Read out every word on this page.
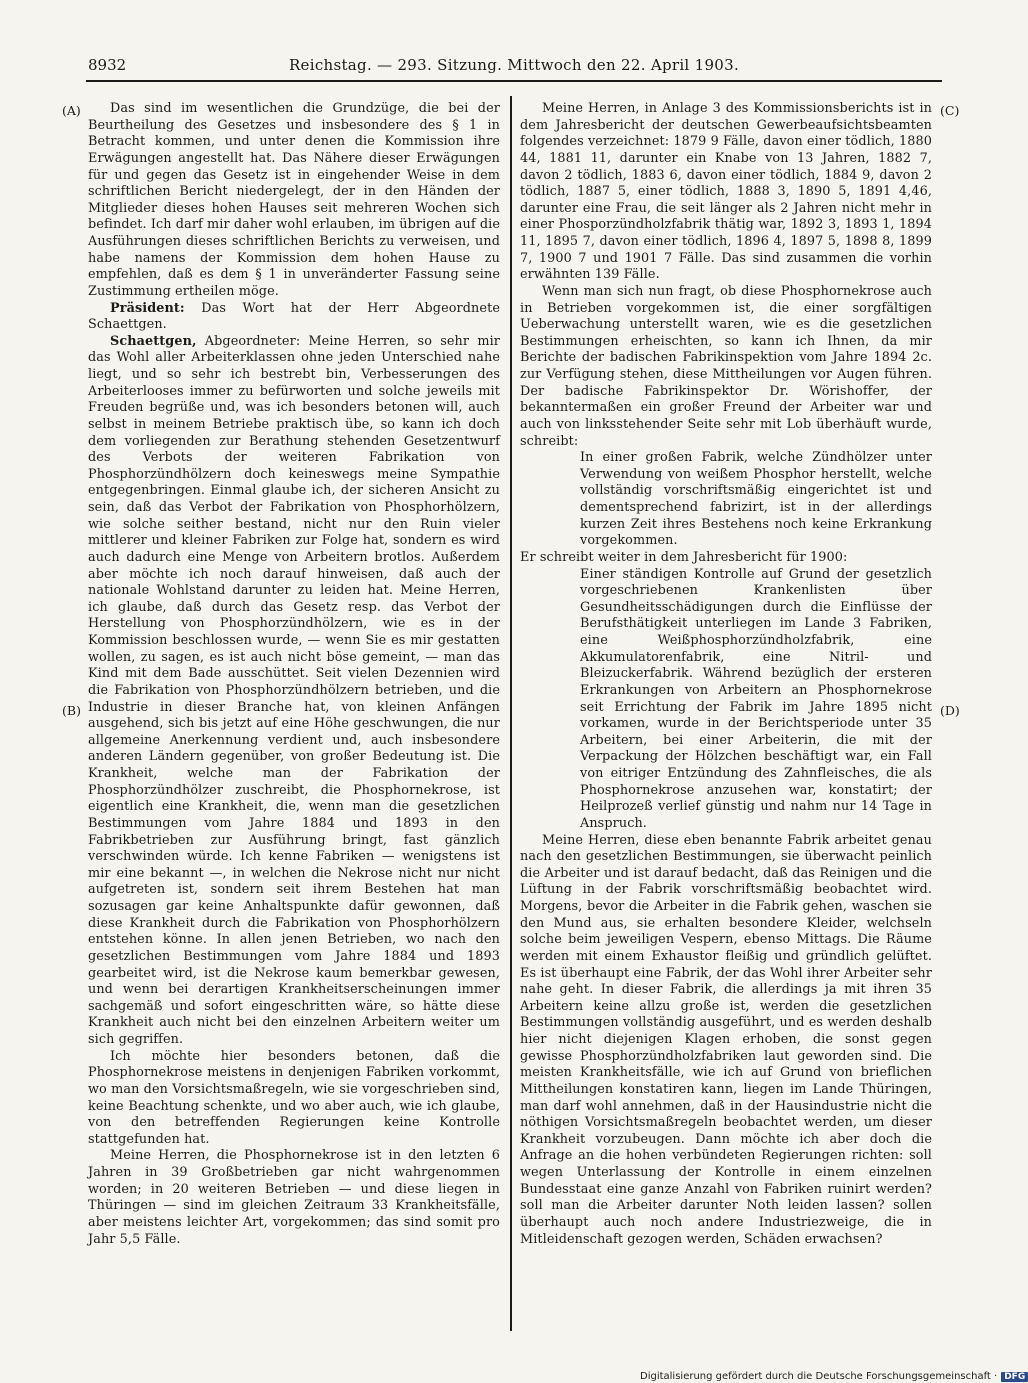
8932	Reichstag. — 293. Sitzung. Mittwoch den 22. April 1903.
(A)
(B)
(C)
(D)

Das sind im wesentlichen die Grundzüge, die bei der Beurtheilung des Gesetzes und insbesondere des § 1 in Betracht kommen, und unter denen die Kommission ihre Erwägungen angestellt hat. Das Nähere dieser Erwägungen für und gegen das Gesetz ist in eingehender Weise in dem schriftlichen Bericht niedergelegt, der in den Händen der Mitglieder dieses hohen Hauses seit mehreren Wochen sich befindet. Ich darf mir daher wohl erlauben, im übrigen auf die Ausführungen dieses schriftlichen Berichts zu verweisen, und habe namens der Kommission dem hohen Hause zu empfehlen, daß es dem § 1 in unveränderter Fassung seine Zustimmung ertheilen möge.

Präsident: Das Wort hat der Herr Abgeordnete Schaettgen.

Schaettgen, Abgeordneter: Meine Herren, so sehr mir das Wohl aller Arbeiterklassen ohne jeden Unterschied nahe liegt, und so sehr ich bestrebt bin, Verbesserungen des Arbeiterlooses immer zu befürworten und solche jeweils mit Freuden begrüße und, was ich besonders betonen will, auch selbst in meinem Betriebe praktisch übe, so kann ich doch dem vorliegenden zur Berathung stehenden Gesetzentwurf des Verbots der weiteren Fabrikation von Phosphorzündhölzern doch keineswegs meine Sympathie entgegenbringen. Einmal glaube ich, der sicheren Ansicht zu sein, daß das Verbot der Fabrikation von Phosphorhölzern, wie solche seither bestand, nicht nur den Ruin vieler mittlerer und kleiner Fabriken zur Folge hat, sondern es wird auch dadurch eine Menge von Arbeitern brotlos. Außerdem aber möchte ich noch darauf hinweisen, daß auch der nationale Wohlstand darunter zu leiden hat. Meine Herren, ich glaube, daß durch das Gesetz resp. das Verbot der Herstellung von Phosphorzündhölzern, wie es in der Kommission beschlossen wurde, — wenn Sie es mir gestatten wollen, zu sagen, es ist auch nicht böse gemeint, — man das Kind mit dem Bade ausschüttet. Seit vielen Dezennien wird die Fabrikation von Phosphorzündhölzern betrieben, und die Industrie in dieser Branche hat, von kleinen Anfängen ausgehend, sich bis jetzt auf eine Höhe geschwungen, die nur allgemeine Anerkennung verdient und, auch insbesondere anderen Ländern gegenüber, von großer Bedeutung ist. Die Krankheit, welche man der Fabrikation der Phosphorzündhölzer zuschreibt, die Phosphornekrose, ist eigentlich eine Krankheit, die, wenn man die gesetzlichen Bestimmungen vom Jahre 1884 und 1893 in den Fabrikbetrieben zur Ausführung bringt, fast gänzlich verschwinden würde. Ich kenne Fabriken — wenigstens ist mir eine bekannt —, in welchen die Nekrose nicht nur nicht aufgetreten ist, sondern seit ihrem Bestehen hat man sozusagen gar keine Anhaltspunkte dafür gewonnen, daß diese Krankheit durch die Fabrikation von Phosphorhölzern entstehen könne. In allen jenen Betrieben, wo nach den gesetzlichen Bestimmungen vom Jahre 1884 und 1893 gearbeitet wird, ist die Nekrose kaum bemerkbar gewesen, und wenn bei derartigen Krankheitserscheinungen immer sachgemäß und sofort eingeschritten wäre, so hätte diese Krankheit auch nicht bei den einzelnen Arbeitern weiter um sich gegriffen.

Ich möchte hier besonders betonen, daß die Phosphornekrose meistens in denjenigen Fabriken vorkommt, wo man den Vorsichtsmaßregeln, wie sie vorgeschrieben sind, keine Beachtung schenkte, und wo aber auch, wie ich glaube, von den betreffenden Regierungen keine Kontrolle stattgefunden hat.

Meine Herren, die Phosphornekrose ist in den letzten 6 Jahren in 39 Großbetrieben gar nicht wahrgenommen worden; in 20 weiteren Betrieben — und diese liegen in Thüringen — sind im gleichen Zeitraum 33 Krankheitsfälle, aber meistens leichter Art, vorgekommen; das sind somit pro Jahr 5,5 Fälle.

Meine Herren, in Anlage 3 des Kommissionsberichts ist in dem Jahresbericht der deutschen Gewerbeaufsichtsbeamten folgendes verzeichnet: 1879 9 Fälle, davon einer tödlich, 1880 44, 1881 11, darunter ein Knabe von 13 Jahren, 1882 7, davon 2 tödlich, 1883 6, davon einer tödlich, 1884 9, davon 2 tödlich, 1887 5, einer tödlich, 1888 3, 1890 5, 1891 4,46, darunter eine Frau, die seit länger als 2 Jahren nicht mehr in einer Phosporzündholzfabrik thätig war, 1892 3, 1893 1, 1894 11, 1895 7, davon einer tödlich, 1896 4, 1897 5, 1898 8, 1899 7, 1900 7 und 1901 7 Fälle. Das sind zusammen die vorhin erwähnten 139 Fälle.

Wenn man sich nun fragt, ob diese Phosphornekrose auch in Betrieben vorgekommen ist, die einer sorgfältigen Ueberwachung unterstellt waren, wie es die gesetzlichen Bestimmungen erheischten, so kann ich Ihnen, da mir Berichte der badischen Fabrikinspektion vom Jahre 1894 2c. zur Verfügung stehen, diese Mittheilungen vor Augen führen. Der badische Fabrikinspektor Dr. Wörishoffer, der bekanntermaßen ein großer Freund der Arbeiter war und auch von linksstehender Seite sehr mit Lob überhäuft wurde, schreibt:

In einer großen Fabrik, welche Zündhölzer unter Verwendung von weißem Phosphor herstellt, welche vollständig vorschriftsmäßig eingerichtet ist und dementsprechend fabrizirt, ist in der allerdings kurzen Zeit ihres Bestehens noch keine Erkrankung vorgekommen.

Er schreibt weiter in dem Jahresbericht für 1900:

Einer ständigen Kontrolle auf Grund der gesetzlich vorgeschriebenen Krankenlisten über Gesundheitsschädigungen durch die Einflüsse der Berufsthätigkeit unterliegen im Lande 3 Fabriken, eine Weißphosphorzündholzfabrik, eine Akkumulatorenfabrik, eine Nitril- und Bleizuckerfabrik. Während bezüglich der ersteren Erkrankungen von Arbeitern an Phosphornekrose seit Errichtung der Fabrik im Jahre 1895 nicht vorkamen, wurde in der Berichtsperiode unter 35 Arbeitern, bei einer Arbeiterin, die mit der Verpackung der Hölzchen beschäftigt war, ein Fall von eitriger Entzündung des Zahnfleisches, die als Phosphornekrose anzusehen war, konstatirt; der Heilprozeß verlief günstig und nahm nur 14 Tage in Anspruch.

Meine Herren, diese eben benannte Fabrik arbeitet genau nach den gesetzlichen Bestimmungen, sie überwacht peinlich die Arbeiter und ist darauf bedacht, daß das Reinigen und die Lüftung in der Fabrik vorschriftsmäßig beobachtet wird. Morgens, bevor die Arbeiter in die Fabrik gehen, waschen sie den Mund aus, sie erhalten besondere Kleider, welchseln solche beim jeweiligen Vespern, ebenso Mittags. Die Räume werden mit einem Exhaustor fleißig und gründlich gelüftet. Es ist überhaupt eine Fabrik, der das Wohl ihrer Arbeiter sehr nahe geht. In dieser Fabrik, die allerdings ja mit ihren 35 Arbeitern keine allzu große ist, werden die gesetzlichen Bestimmungen vollständig ausgeführt, und es werden deshalb hier nicht diejenigen Klagen erhoben, die sonst gegen gewisse Phosphorzündholzfabriken laut geworden sind. Die meisten Krankheitsfälle, wie ich auf Grund von brieflichen Mittheilungen konstatiren kann, liegen im Lande Thüringen, man darf wohl annehmen, daß in der Hausindustrie nicht die nöthigen Vorsichtsmaßregeln beobachtet werden, um dieser Krankheit vorzubeugen. Dann möchte ich aber doch die Anfrage an die hohen verbündeten Regierungen richten: soll wegen Unterlassung der Kontrolle in einem einzelnen Bundesstaat eine ganze Anzahl von Fabriken ruinirt werden? soll man die Arbeiter darunter Noth leiden lassen? sollen überhaupt auch noch andere Industriezweige, die in Mitleidenschaft gezogen werden, Schäden erwachsen?

Digitalisierung gefördert durch die Deutsche Forschungsgemeinschaft · DFG
